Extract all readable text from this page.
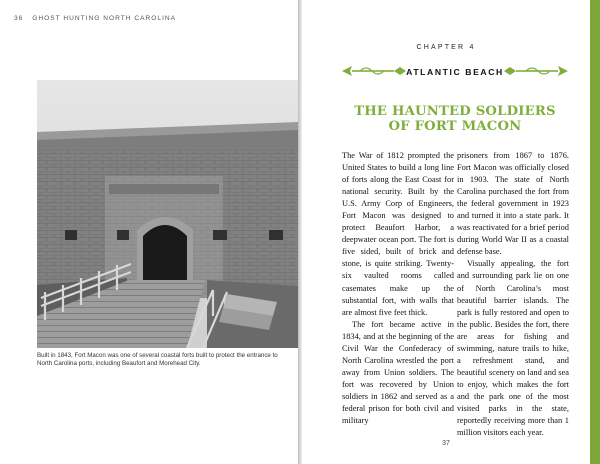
36 GHOST HUNTING NORTH CAROLINA
Built in 1843, Fort Macon was one of several coastal forts built to protect the entrance to North Carolina ports, including Beaufort and Morehead City.
CHAPTER 4
ATLANTIC BEACH
THE HAUNTED SOLDIERS
OF FORT MACON

The War of 1812 prompted the United States to build a long line of forts along the East Coast for national security. Built by the U.S. Army Corp of Engineers, Fort Macon was designed to protect Beaufort Harbor, a deepwater ocean port. The fort is five sided, built of brick and stone, is quite striking. Twenty-six vaulted rooms called casemates make up the substantial fort, with walls that are almost five feet thick.

The fort became active in 1834, and at the beginning of the Civil War the Confederacy of North Carolina wrestled the port away from Union soldiers. The fort was recovered by Union soldiers in 1862 and served as a federal prison for both civil and military

prisoners from 1867 to 1876. Fort Macon was officially closed in 1903. The state of North Carolina purchased the fort from the federal government in 1923 and turned it into a state park. It was reactivated for a brief period during World War II as a coastal defense base.

Visually appealing, the fort and surrounding park lie on one of North Carolina’s most beautiful barrier islands. The park is fully restored and open to the public. Besides the fort, there are areas for fishing and swimming, nature trails to hike, a refreshment stand, and beautiful scenery on land and sea to enjoy, which makes the fort and the park one of the most visited parks in the state, reportedly receiving more than 1 million visitors each year.

37
